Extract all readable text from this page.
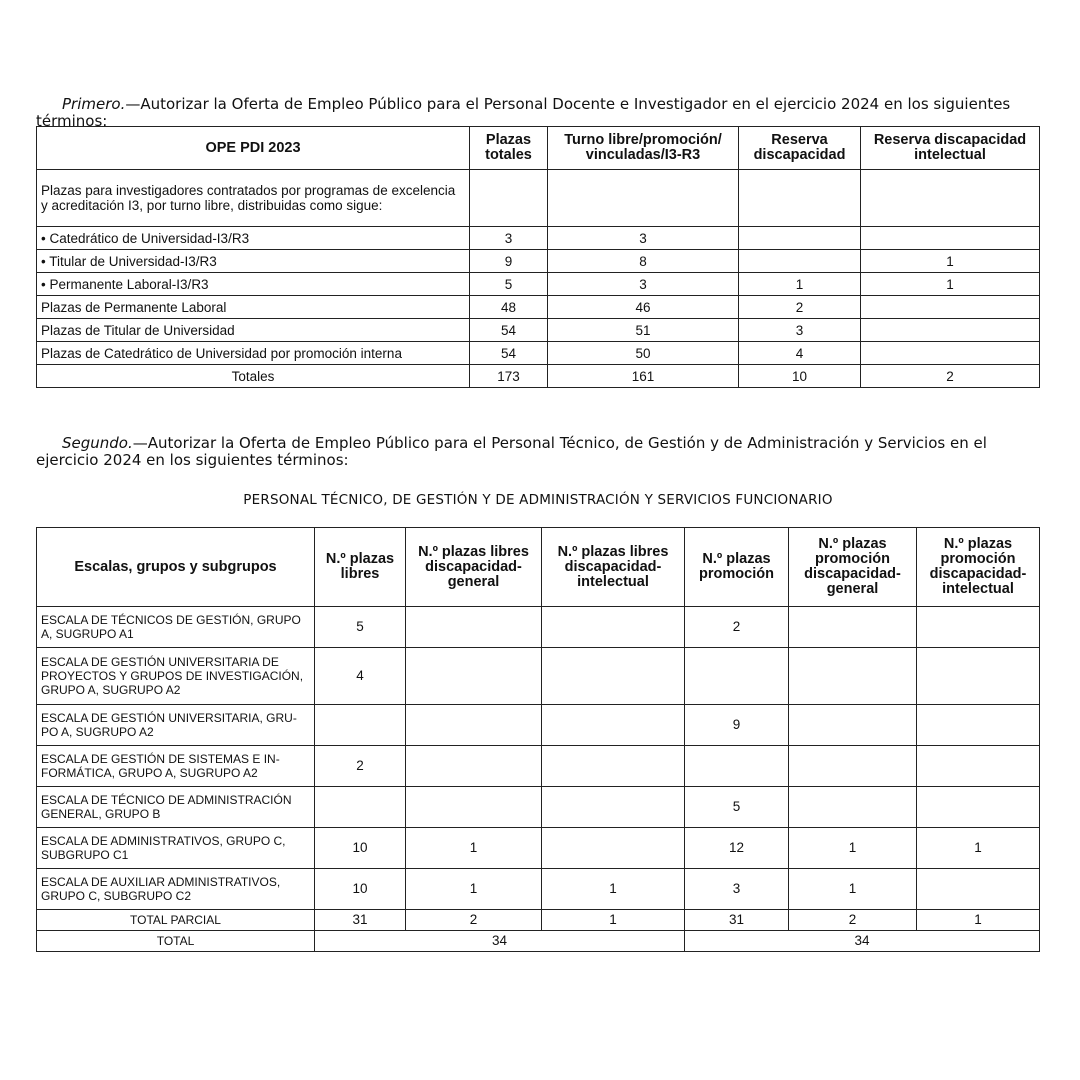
Primero.—Autorizar la Oferta de Empleo Público para el Personal Docente e Investigador en el ejercicio 2024 en los siguientes términos:

OPE PDI 2023	Plazas totales	Turno libre/promoción/ vinculadas/I3-R3	Reserva discapacidad	Reserva discapacidad intelectual
Plazas para investigadores contratados por programas de excelencia y acreditación I3, por turno libre, distribuidas como sigue:				
• Catedrático de Universidad-I3/R3	3	3		
• Titular de Universidad-I3/R3	9	8		1
• Permanente Laboral-I3/R3	5	3	1	1
Plazas de Permanente Laboral	48	46	2	
Plazas de Titular de Universidad	54	51	3	
Plazas de Catedrático de Universidad por promoción interna	54	50	4	
Totales	173	161	10	2

Segundo.—Autorizar la Oferta de Empleo Público para el Personal Técnico, de Gestión y de Administración y Servicios en el ejercicio 2024 en los siguientes términos:

PERSONAL TÉCNICO, DE GESTIÓN Y DE ADMINISTRACIÓN Y SERVICIOS FUNCIONARIO
Escalas, grupos y subgrupos	N.º plazas libres	N.º plazas libres discapacidad-general	N.º plazas libres discapacidad-intelectual	N.º plazas promoción	N.º plazas promoción discapacidad-general	N.º plazas promoción discapacidad-intelectual
ESCALA DE TÉCNICOS DE GESTIÓN, GRUPO A, SUGRUPO A1	5			2		
ESCALA DE GESTIÓN UNIVERSITARIA DE PROYECTOS Y GRUPOS DE INVESTIGACIÓN, GRUPO A, SUGRUPO A2	4					
ESCALA DE GESTIÓN UNIVERSITARIA, GRU-PO A, SUGRUPO A2				9		
ESCALA DE GESTIÓN DE SISTEMAS E IN-FORMÁTICA, GRUPO A, SUGRUPO A2	2					
ESCALA DE TÉCNICO DE ADMINISTRACIÓN GENERAL, GRUPO B				5		
ESCALA DE ADMINISTRATIVOS, GRUPO C, SUBGRUPO C1	10	1		12	1	1
ESCALA DE AUXILIAR ADMINISTRATIVOS, GRUPO C, SUBGRUPO C2	10	1	1	3	1	
TOTAL PARCIAL	31	2	1	31	2	1
TOTAL	34			34		
